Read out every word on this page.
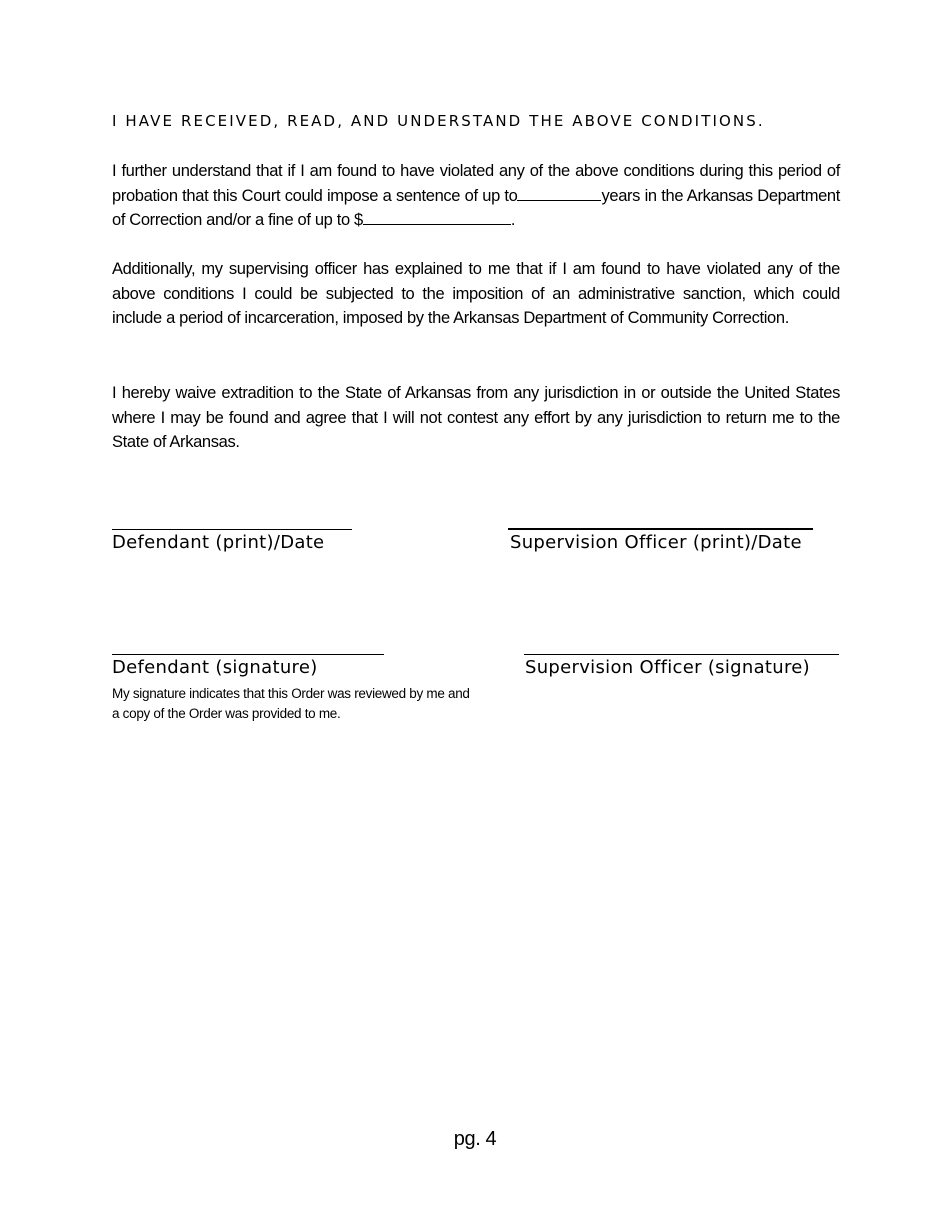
I HAVE RECEIVED, READ, AND UNDERSTAND THE ABOVE CONDITIONS.
I further understand that if I am found to have violated any of the above conditions during this period of probation that this Court could impose a sentence of up to	years in the Arkansas Department of Correction and/or a fine of up to $	.
Additionally, my supervising officer has explained to me that if I am found to have violated any of the above conditions I could be subjected to the imposition of an administrative sanction, which could include a period of incarceration, imposed by the Arkansas Department of Community Correction.
I hereby waive extradition to the State of Arkansas from any jurisdiction in or outside the United States where I may be found and agree that I will not contest any effort by any jurisdiction to return me to the State of Arkansas.
Defendant (print)/Date	Supervision Officer (print)/Date
Defendant (signature)	Supervision Officer (signature)
My signature indicates that this Order was reviewed by me and a copy of the Order was provided to me.
pg. 4
